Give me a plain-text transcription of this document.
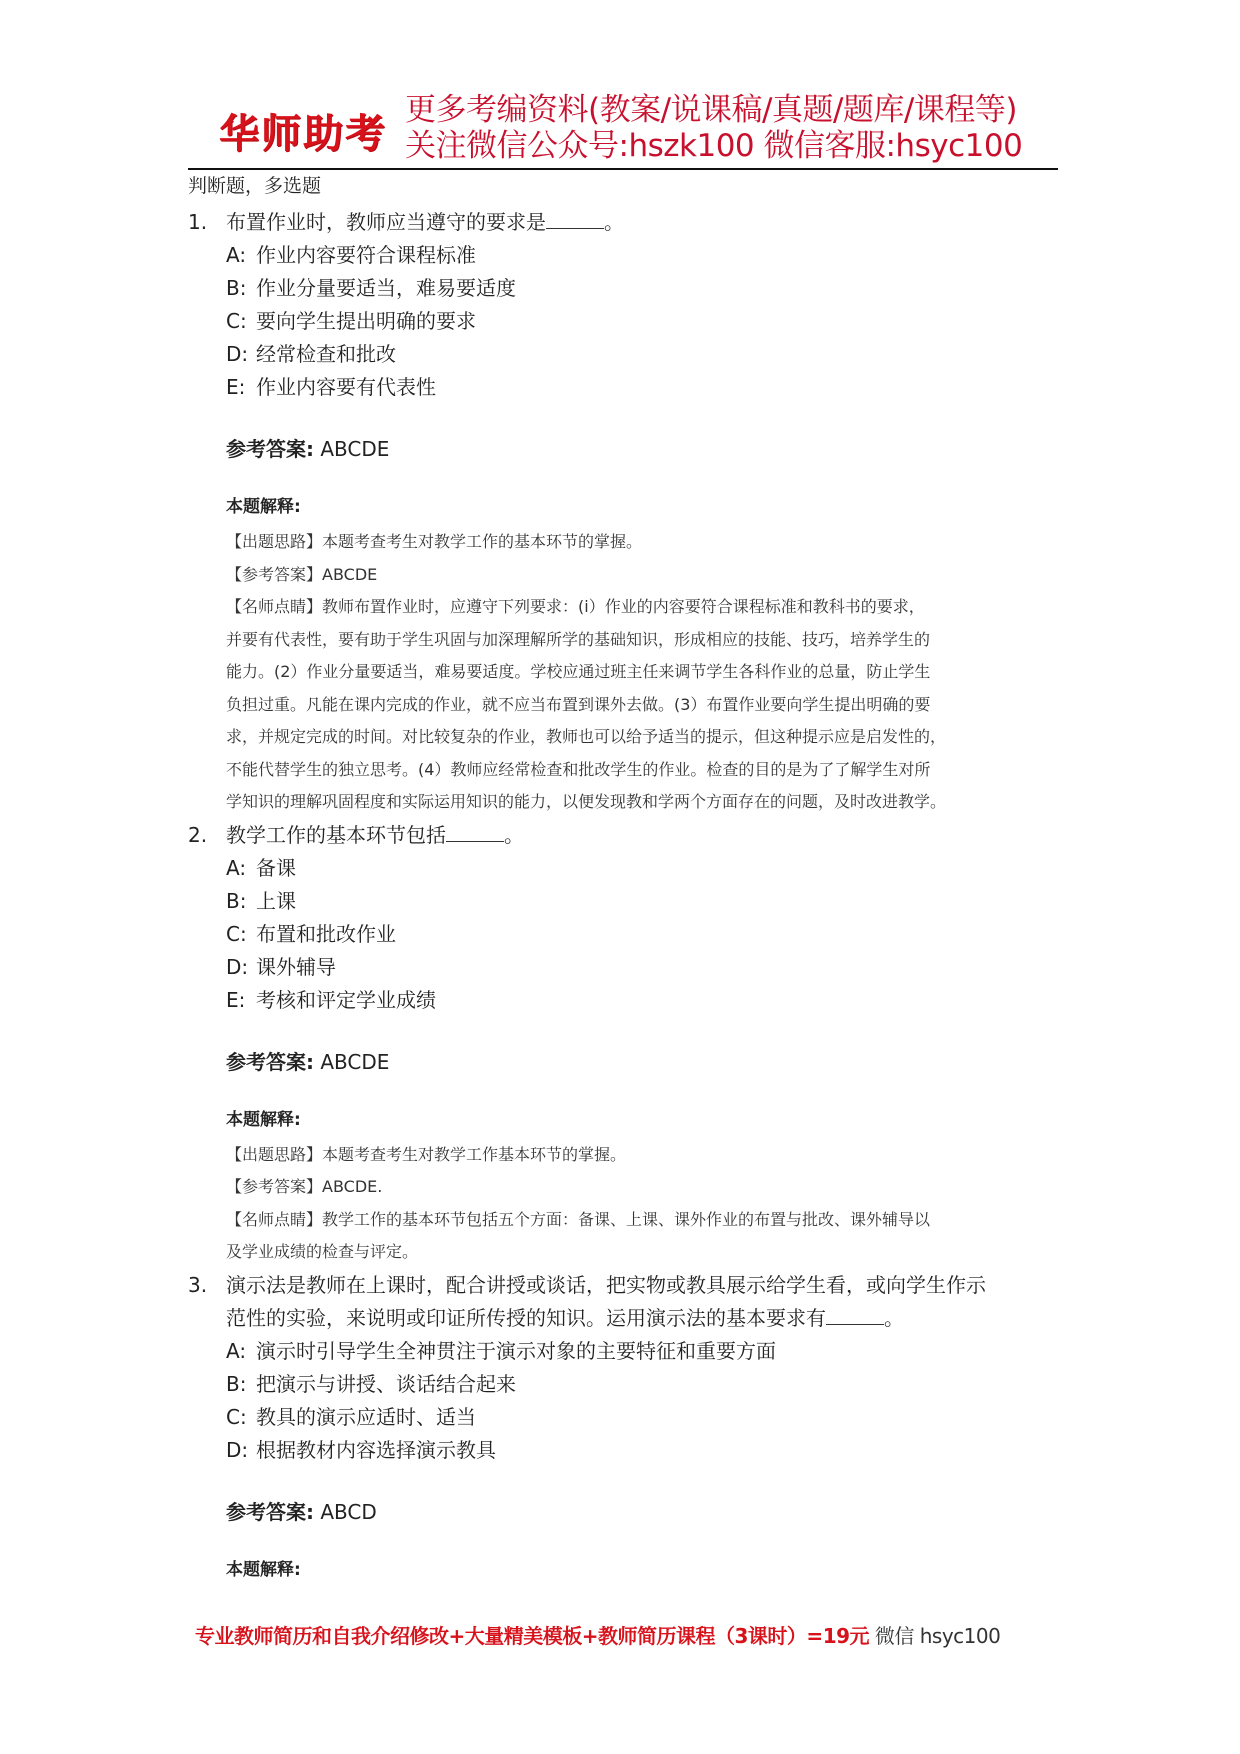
华师助考
更多考编资料(教案/说课稿/真题/题库/课程等)
关注微信公众号:hszk100 微信客服:hsyc100
判断题，多选题
1. 布置作业时，教师应当遵守的要求是	。
A: 作业内容要符合课程标准
B: 作业分量要适当，难易要适度
C: 要向学生提出明确的要求
D: 经常检查和批改
E: 作业内容要有代表性
参考答案: ABCDE
本题解释:
【出题思路】本题考查考生对教学工作的基本环节的掌握。
【参考答案】ABCDE
【名师点睛】教师布置作业时，应遵守下列要求：(i）作业的内容要符合课程标准和教科书的要求，
并要有代表性，要有助于学生巩固与加深理解所学的基础知识，形成相应的技能、技巧，培养学生的
能力。(2）作业分量要适当，难易要适度。学校应通过班主任来调节学生各科作业的总量，防止学生
负担过重。凡能在课内完成的作业，就不应当布置到课外去做。(3）布置作业要向学生提出明确的要
求，并规定完成的时间。对比较复杂的作业，教师也可以给予适当的提示，但这种提示应是启发性的，
不能代替学生的独立思考。(4）教师应经常检查和批改学生的作业。检查的目的是为了了解学生对所
学知识的理解巩固程度和实际运用知识的能力，以便发现教和学两个方面存在的问题，及时改进教学。
2. 教学工作的基本环节包括	。
A: 备课
B: 上课
C: 布置和批改作业
D: 课外辅导
E: 考核和评定学业成绩
参考答案: ABCDE
本题解释:
【出题思路】本题考查考生对教学工作基本环节的掌握。
【参考答案】ABCDE.
【名师点睛】教学工作的基本环节包括五个方面：备课、上课、课外作业的布置与批改、课外辅导以
及学业成绩的检查与评定。
3. 演示法是教师在上课时，配合讲授或谈话，把实物或教具展示给学生看，或向学生作示
范性的实验，来说明或印证所传授的知识。运用演示法的基本要求有	。
A: 演示时引导学生全神贯注于演示对象的主要特征和重要方面
B: 把演示与讲授、谈话结合起来
C: 教具的演示应适时、适当
D: 根据教材内容选择演示教具
参考答案: ABCD
本题解释:
专业教师简历和自我介绍修改+大量精美模板+教师简历课程（3课时）=19元 微信 hsyc100
